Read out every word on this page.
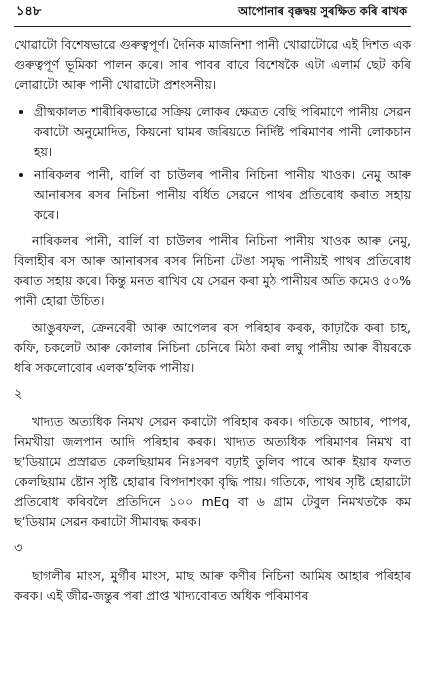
১৪৮	আপোনাৰ বৃক্কদ্বয় সুৰক্ষিত কৰি ৰাখক

খোৱাটো বিশেষভাৱে গুৰুত্বপূৰ্ণ। দৈনিক মাজনিশা পানী খোৱাটোৱে এই দিশত এক গুৰুত্বপূৰ্ণ ভূমিকা পালন কৰে। সাৰ পাবৰ বাবে বিশেষকৈ এটা এলাৰ্ম ছেট কৰি লোৱাটো আৰু পানী খোৱাটো প্ৰশংসনীয়।

• গ্ৰীষ্মকালত শাৰীৰিকভাৱে সক্ৰিয় লোকৰ ক্ষেত্ৰত বেছি পৰিমাণে পানীয় সেৱন কৰাটো অনুমোদিত, কিয়নো ঘামৰ জৰিয়তে নিৰ্দিষ্ট পৰিমাণৰ পানী লোকচান হয়।
• নাৰিকলৰ পানী, বাৰ্লি বা চাউলৰ পানীৰ নিচিনা পানীয় খাওক। নেমু আৰু আনাৰসৰ ৰসৰ নিচিনা পানীয় বৰ্ধিত সেৱনে পাথৰ প্ৰতিৰোধ কৰাত সহায় কৰে।

নাৰিকলৰ পানী, বাৰ্লি বা চাউলৰ পানীৰ নিচিনা পানীয় খাওক আৰু নেমু, বিলাহীৰ ৰস আৰু আনাৰসৰ ৰসৰ নিচিনা টেঙা সমৃদ্ধ পানীয়ই পাথৰ প্ৰতিৰোধ কৰাত সহায় কৰে। কিন্তু মনত ৰাখিব যে সেৱন কৰা মুঠ পানীয়ৰ অতি কমেও ৫০% পানী হোৱা উচিত।

আঙুৰফল, ক্ৰেনবেৰী আৰু আপেলৰ ৰস পৰিহাৰ কৰক, কাঢ়াকৈ কৰা চাহ, কফি, চকলেট আৰু কোলাৰ নিচিনা চেনিৰে মিঠা কৰা লঘু পানীয় আৰু বীয়ৰকে ধৰি সকলোবোৰ এলকʼহলিক পানীয়।

২

খাদ্যত অত্যধিক নিমখ সেৱন কৰাটো পৰিহাৰ কৰক। গতিকে আচাৰ, পাপৰ, নিমখীয়া জলপান আদি পৰিহাৰ কৰক। খাদ্যত অত্যধিক পৰিমাণৰ নিমখ বা ছʼডিয়ামে প্ৰস্ৰাৱত কেলছিয়ামৰ নিঃসৰণ বঢ়াই তুলিব পাৰে আৰু ইয়াৰ ফলত কেলছিয়াম ষ্টোন সৃষ্টি হোৱাৰ বিপদাশংকা বৃদ্ধি পায়। গতিকে, পাথৰ সৃষ্টি হোৱাটো প্ৰতিৰোধ কৰিবলৈ প্ৰতিদিনে ১০০ mEq বা ৬ গ্ৰাম টেবুল নিমখতকৈ কম ছʼডিয়াম সেৱন কৰাটো সীমাবদ্ধ কৰক।

৩

ছাগলীৰ মাংস, মুৰ্গীৰ মাংস, মাছ আৰু কণীৰ নিচিনা আমিষ আহাৰ পৰিহাৰ কৰক। এই জীৱ-জন্তুৰ পৰা প্ৰাপ্ত খাদ্যবোৰত অধিক পৰিমাণৰ
